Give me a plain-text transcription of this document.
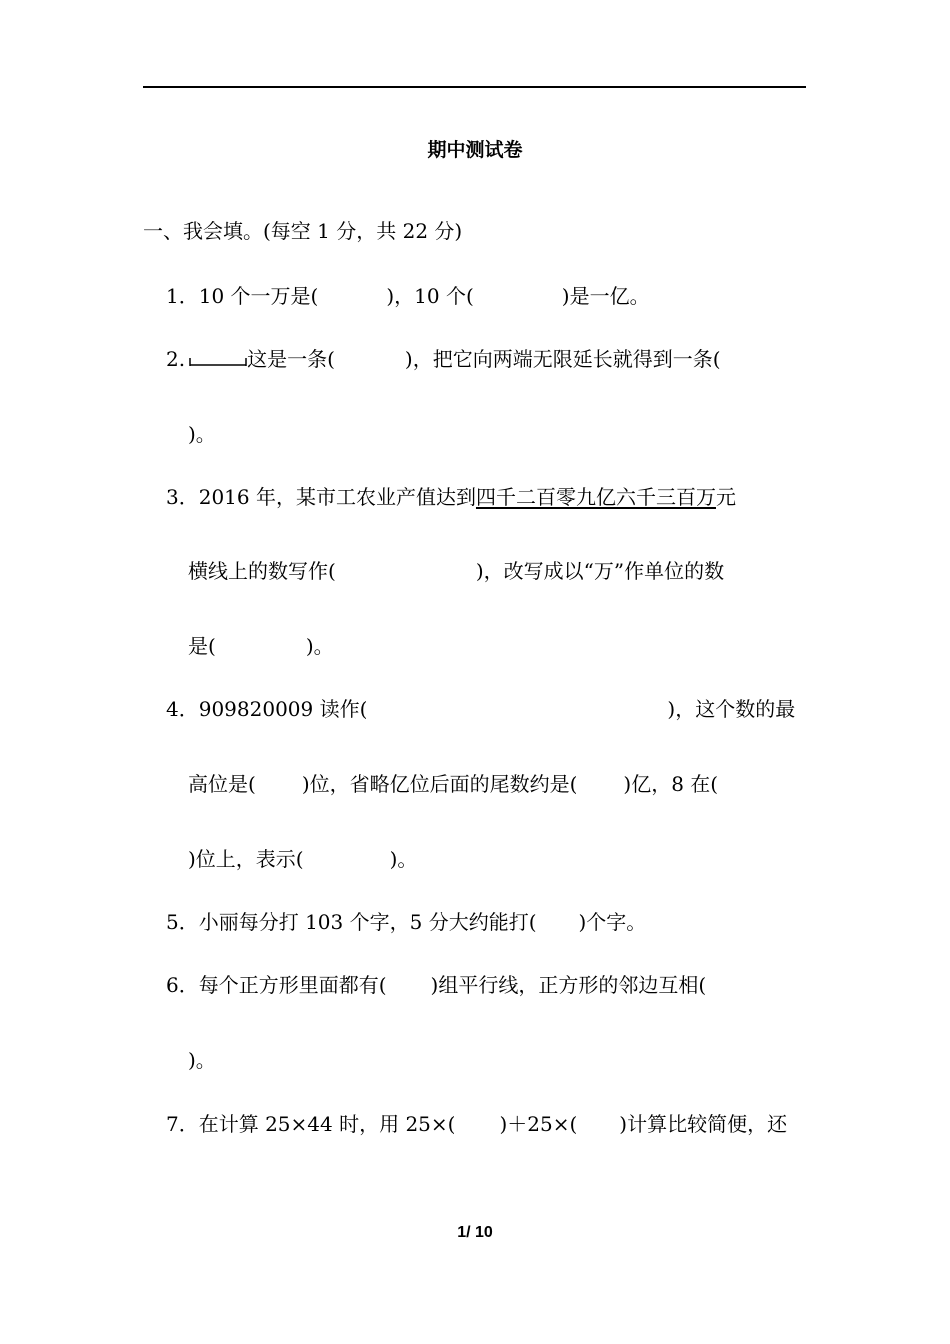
期中测试卷
一、我会填。(每空 1 分，共 22 分)
1．10 个一万是(	)，10 个(	)是一亿。
2.	这是一条(	)，把它向两端无限延长就得到一条(
)。
3．2016 年，某市工农业产值达到四千二百零九亿六千三百万元
横线上的数写作(	)，改写成以“万”作单位的数
是(	)。
4．909820009 读作(	)，这个数的最
高位是( )位，省略亿位后面的尾数约是( )亿，8 在(
)位上，表示(	)。
5．小丽每分打 103 个字，5 分大约能打( )个字。
6．每个正方形里面都有( )组平行线，正方形的邻边互相(
)。
7．在计算 25×44 时，用 25×( )＋25×( )计算比较简便，还
1/ 10
